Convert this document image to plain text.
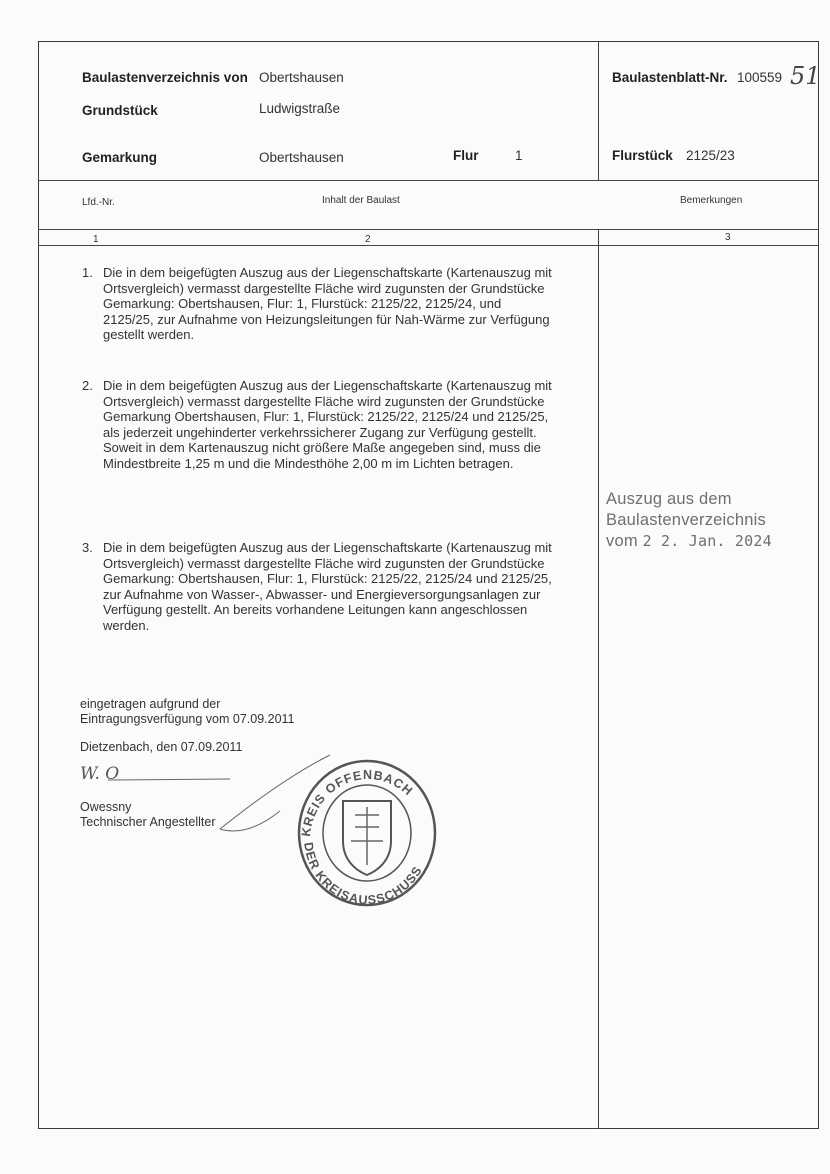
Baulastenverzeichnis von Obertshausen	Baulastenblatt-Nr. 100559 51
Grundstück	Ludwigstraße
Gemarkung	Obertshausen	Flur	1	Flurstück 2125/23
Lfd.-Nr.	Inhalt der Baulast	Bemerkungen
1	2	3
1. Die in dem beigefügten Auszug aus der Liegenschaftskarte (Kartenauszug mit Ortsvergleich) vermasst dargestellte Fläche wird zugunsten der Grundstücke Gemarkung: Obertshausen, Flur: 1, Flurstück: 2125/22, 2125/24, und 2125/25, zur Aufnahme von Heizungsleitungen für Nah-Wärme zur Verfügung gestellt werden.
2. Die in dem beigefügten Auszug aus der Liegenschaftskarte (Kartenauszug mit Ortsvergleich) vermasst dargestellte Fläche wird zugunsten der Grundstücke Gemarkung Obertshausen, Flur: 1, Flurstück: 2125/22, 2125/24 und 2125/25, als jederzeit ungehinderter verkehrssicherer Zugang zur Verfügung gestellt. Soweit in dem Kartenauszug nicht größere Maße angegeben sind, muss die Mindestbreite 1,25 m und die Mindesthöhe 2,00 m im Lichten betragen.
3. Die in dem beigefügten Auszug aus der Liegenschaftskarte (Kartenauszug mit Ortsvergleich) vermasst dargestellte Fläche wird zugunsten der Grundstücke Gemarkung: Obertshausen, Flur: 1, Flurstück: 2125/22, 2125/24 und 2125/25, zur Aufnahme von Wasser-, Abwasser- und Energieversorgungsanlagen zur Verfügung gestellt. An bereits vorhandene Leitungen kann angeschlossen werden.
eingetragen aufgrund der
Eintragungsverfügung vom 07.09.2011
Dietzenbach, den 07.09.2011
W. O
Owessny
Technischer Angestellter
KREIS OFFENBACH
DER KREISAUSSCHUSS
Auszug aus dem
Baulastenverzeichnis
vom 2 2. Jan. 2024
